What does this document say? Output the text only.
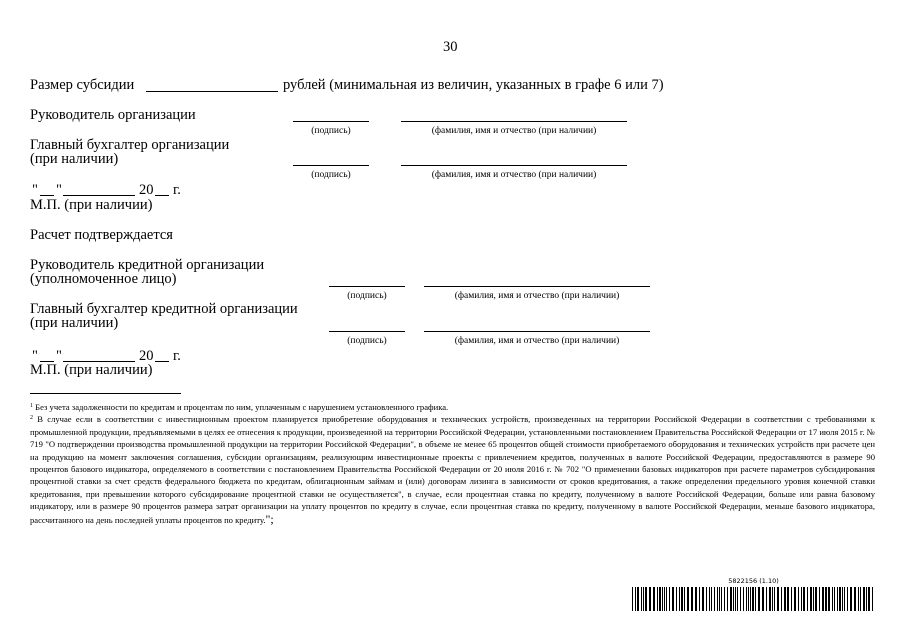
30
Размер субсидии	рублей (минимальная из величин, указанных в графе 6 или 7)
Руководитель организации
(подпись)	(фамилия, имя и отчество (при наличии)
Главный бухгалтер организации
(при наличии)
(подпись)	(фамилия, имя и отчество (при наличии)
" "	20 г.
М.П. (при наличии)
Расчет подтверждается
Руководитель кредитной организации
(уполномоченное лицо)
(подпись)	(фамилия, имя и отчество (при наличии)
Главный бухгалтер кредитной организации
(при наличии)
(подпись)	(фамилия, имя и отчество (при наличии)
" "	20 г.
М.П. (при наличии)

$^1$ Без учета задолженности по кредитам и процентам по ним, уплаченным с нарушением установленного графика.

$^2$ В случае если в соответствии с инвестиционным проектом планируется приобретение оборудования и технических устройств, произведенных на территории Российской Федерации в соответствии с требованиями к промышленной продукции, предъявляемыми в целях ее отнесения к продукции, произведенной на территории Российской Федерации, установленными постановлением Правительства Российской Федерации от 17 июля 2015 г. № 719 "О подтверждении производства промышленной продукции на территории Российской Федерации", в объеме не менее 65 процентов общей стоимости приобретаемого оборудования и технических устройств при расчете цен на продукцию на момент заключения соглашения, субсидии организациям, реализующим инвестиционные проекты с привлечением кредитов, полученных в валюте Российской Федерации, предоставляются в размере 90 процентов базового индикатора, определяемого в соответствии с постановлением Правительства Российской Федерации от 20 июля 2016 г. № 702 "О применении базовых индикаторов при расчете параметров субсидирования процентной ставки за счет средств федерального бюджета по кредитам, облигационным займам и (или) договорам лизинга в зависимости от сроков кредитования, а также определении предельного уровня конечной ставки кредитования, при превышении которого субсидирование процентной ставки не осуществляется", в случае, если процентная ставка по кредиту, полученному в валюте Российской Федерации, больше или равна базовому индикатору, или в размере 90 процентов размера затрат организации на уплату процентов по кредиту в случае, если процентная ставка по кредиту, полученному в валюте Российской Федерации, меньше базового индикатора, рассчитанного на день последней уплаты процентов по кредиту.";

5822156 (1.10)
